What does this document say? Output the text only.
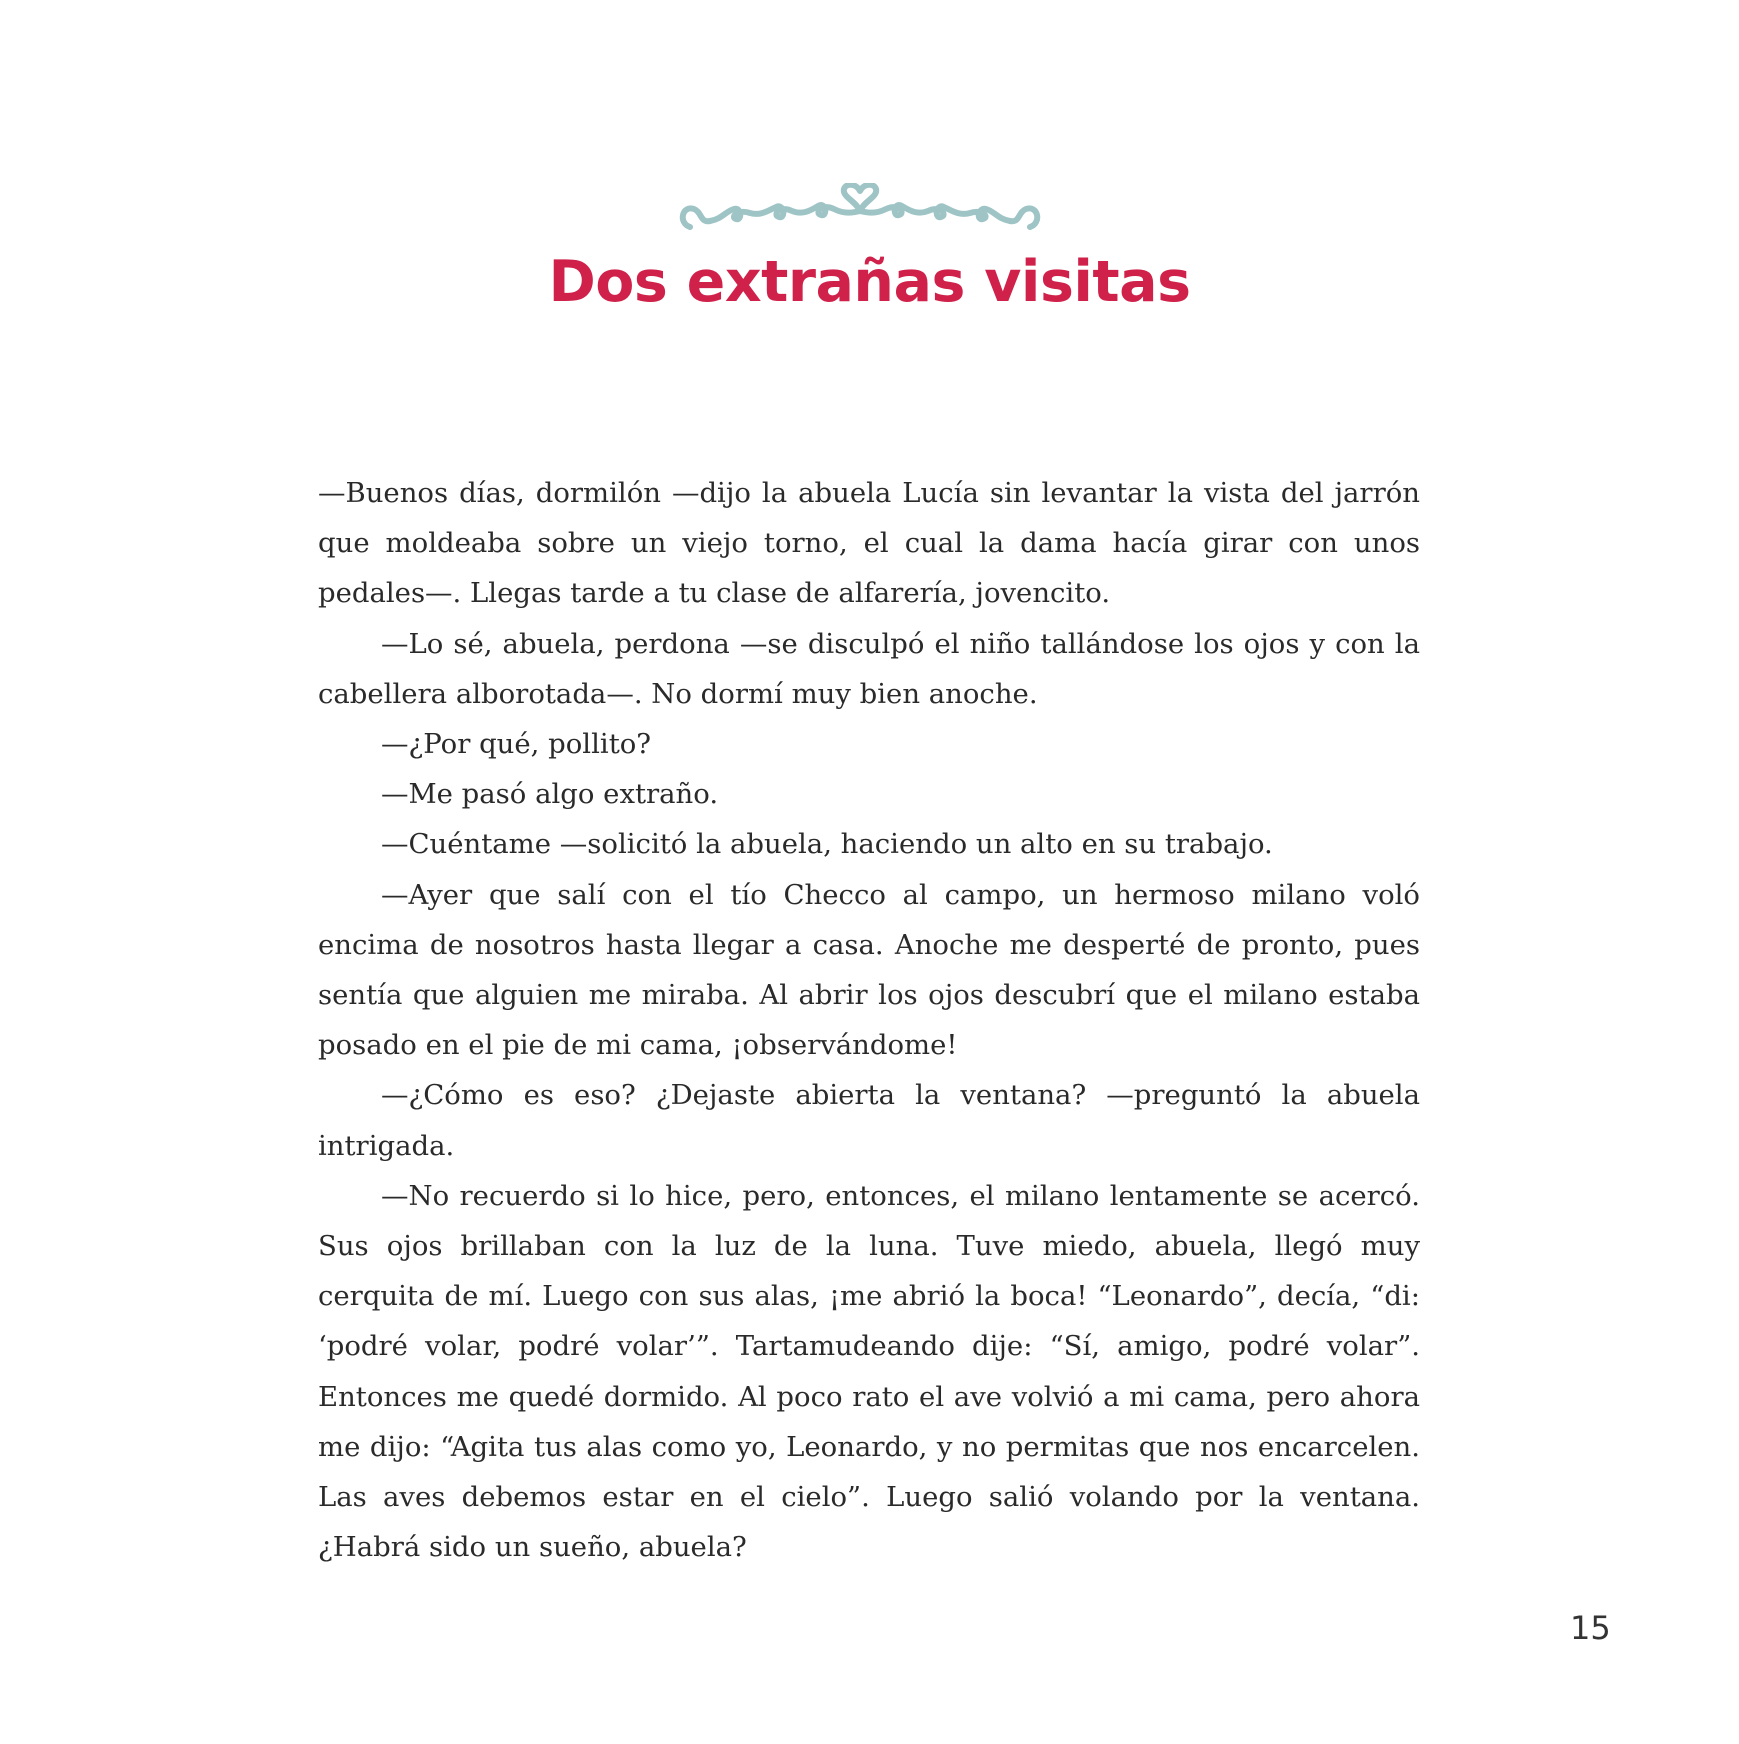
Dos extrañas visitas

—Buenos días, dormilón —dijo la abuela Lucía sin levantar la vista del jarrón que moldeaba sobre un viejo torno, el cual la dama hacía girar con unos pedales—. Llegas tarde a tu clase de alfarería, jovencito.

—Lo sé, abuela, perdona —se disculpó el niño tallándose los ojos y con la cabellera alborotada—. No dormí muy bien anoche.

—¿Por qué, pollito?

—Me pasó algo extraño.

—Cuéntame —solicitó la abuela, haciendo un alto en su trabajo.

—Ayer que salí con el tío Checco al campo, un hermoso milano voló encima de nosotros hasta llegar a casa. Anoche me desperté de pronto, pues sentía que alguien me miraba. Al abrir los ojos descubrí que el milano estaba posado en el pie de mi cama, ¡observándome!

—¿Cómo es eso? ¿Dejaste abierta la ventana? —preguntó la abuela intrigada.

—No recuerdo si lo hice, pero, entonces, el milano lentamente se acercó. Sus ojos brillaban con la luz de la luna. Tuve miedo, abuela, llegó muy cerquita de mí. Luego con sus alas, ¡me abrió la boca! “Leonardo”, decía, “di: ‘podré volar, podré volar’”. Tartamudeando dije: “Sí, amigo, podré volar”. Entonces me quedé dormido. Al poco rato el ave volvió a mi cama, pero ahora me dijo: “Agita tus alas como yo, Leonardo, y no permitas que nos encarcelen. Las aves debemos estar en el cielo”. Luego salió volando por la ventana. ¿Habrá sido un sueño, abuela?

15
